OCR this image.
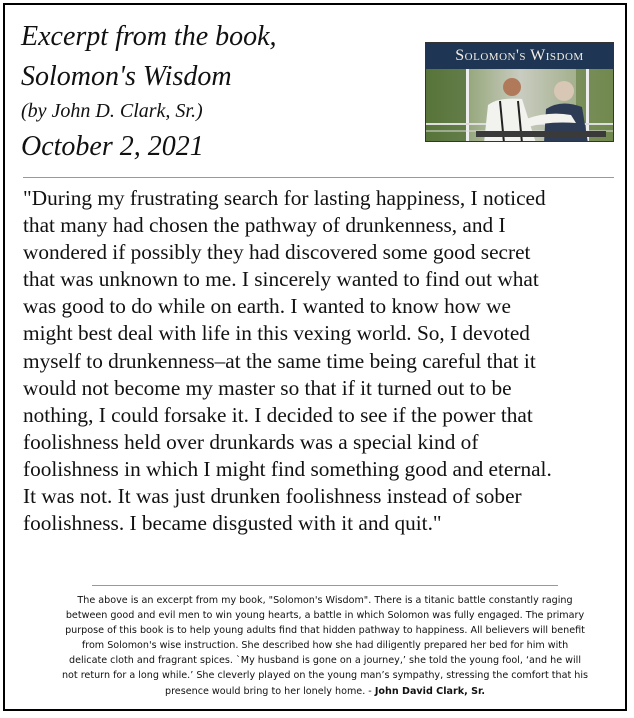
Excerpt from the book,
Solomon's Wisdom
(by John D. Clark, Sr.)
October 2, 2021
Solomon's Wisdom
"During my frustrating search for lasting happiness, I noticed
that many had chosen the pathway of drunkenness, and I
wondered if possibly they had discovered some good secret
that was unknown to me. I sincerely wanted to find out what
was good to do while on earth. I wanted to know how we
might best deal with life in this vexing world. So, I devoted
myself to drunkenness–at the same time being careful that it
would not become my master so that if it turned out to be
nothing, I could forsake it. I decided to see if the power that
foolishness held over drunkards was a special kind of
foolishness in which I might find something good and eternal.
It was not. It was just drunken foolishness instead of sober
foolishness. I became disgusted with it and quit."
The above is an excerpt from my book, "Solomon's Wisdom". There is a titanic battle constantly raging
between good and evil men to win young hearts, a battle in which Solomon was fully engaged. The primary
purpose of this book is to help young adults find that hidden pathway to happiness. All believers will benefit
from Solomon's wise instruction. She described how she had diligently prepared her bed for him with
delicate cloth and fragrant spices. `My husband is gone on a journey,’ she told the young fool, ‘and he will
not return for a long while.’ She cleverly played on the young man’s sympathy, stressing the comfort that his
presence would bring to her lonely home. - John David Clark, Sr.
